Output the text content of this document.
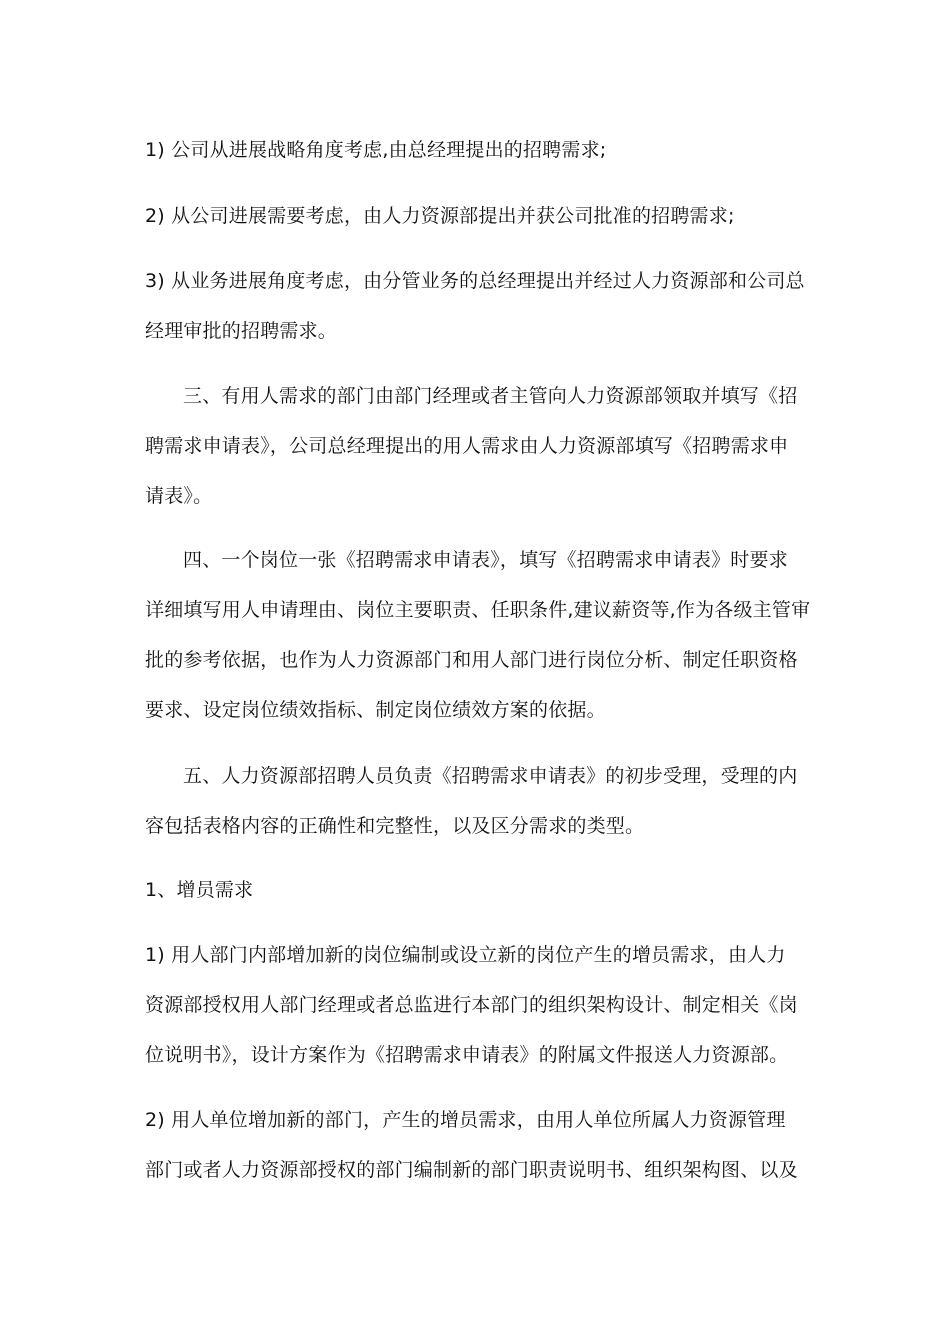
1) 公司从进展战略角度考虑,由总经理提出的招聘需求;
2) 从公司进展需要考虑，由人力资源部提出并获公司批准的招聘需求;
3) 从业务进展角度考虑，由分管业务的总经理提出并经过人力资源部和公司总
经理审批的招聘需求。
三、有用人需求的部门由部门经理或者主管向人力资源部领取并填写《招
聘需求申请表》，公司总经理提出的用人需求由人力资源部填写《招聘需求申
请表》。
四、一个岗位一张《招聘需求申请表》，填写《招聘需求申请表》时要求
详细填写用人申请理由、岗位主要职责、任职条件,建议薪资等,作为各级主管审
批的参考依据，也作为人力资源部门和用人部门进行岗位分析、制定任职资格
要求、设定岗位绩效指标、制定岗位绩效方案的依据。
五、人力资源部招聘人员负责《招聘需求申请表》的初步受理，受理的内
容包括表格内容的正确性和完整性，以及区分需求的类型。
1、增员需求
1) 用人部门内部增加新的岗位编制或设立新的岗位产生的增员需求，由人力
资源部授权用人部门经理或者总监进行本部门的组织架构设计、制定相关《岗
位说明书》，设计方案作为《招聘需求申请表》的附属文件报送人力资源部。
2) 用人单位增加新的部门，产生的增员需求，由用人单位所属人力资源管理
部门或者人力资源部授权的部门编制新的部门职责说明书、组织架构图、以及
